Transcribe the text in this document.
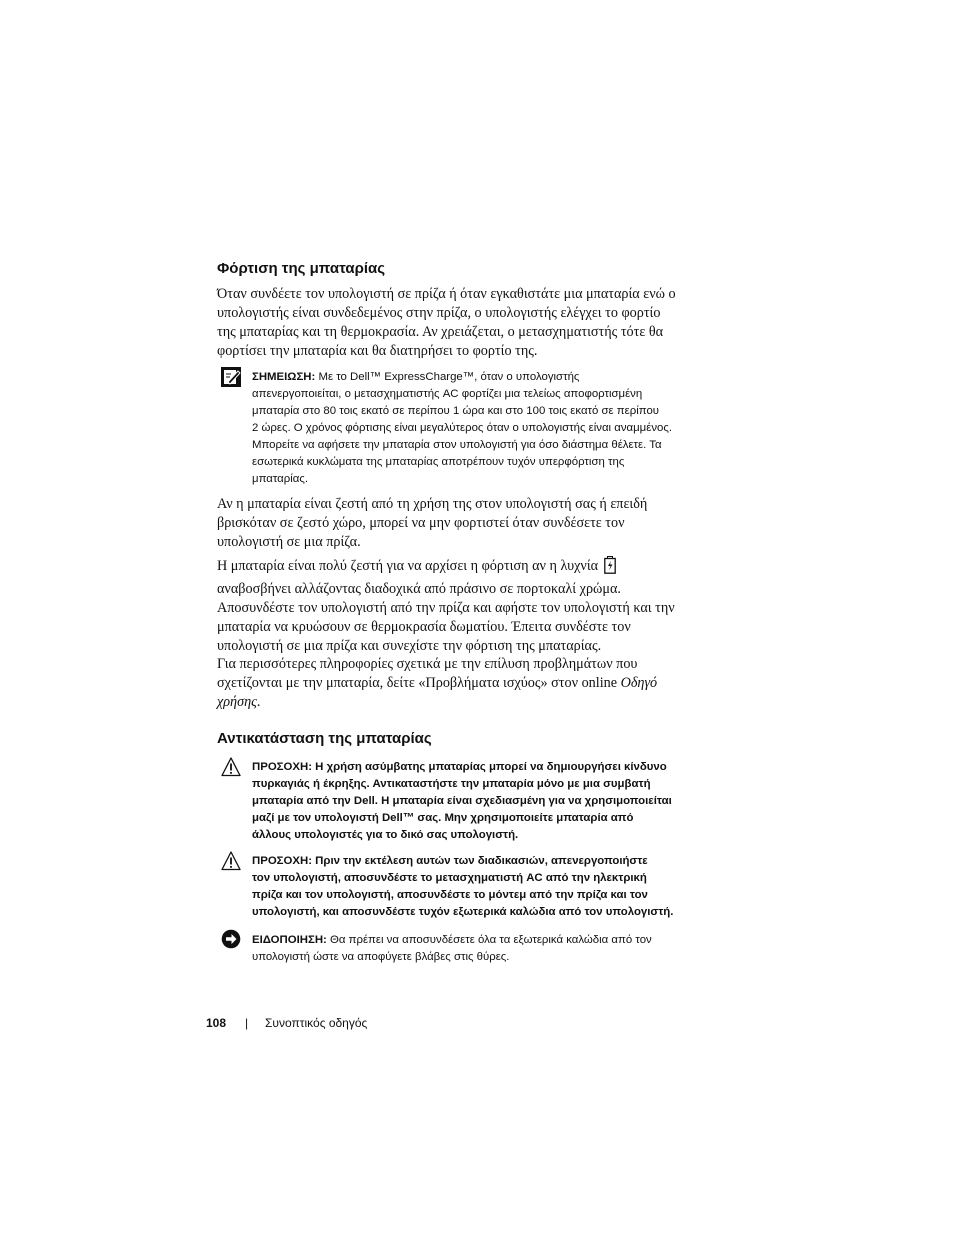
Φόρτιση της μπαταρίας
Όταν συνδέετε τον υπολογιστή σε πρίζα ή όταν εγκαθιστάτε μια μπαταρία ενώ ο
υπολογιστής είναι συνδεδεμένος στην πρίζα, ο υπολογιστής ελέγχει το φορτίο
της μπαταρίας και τη θερμοκρασία. Αν χρειάζεται, ο μετασχηματιστής τότε θα
φορτίσει την μπαταρία και θα διατηρήσει το φορτίο της.
ΣΗΜΕΙΩΣΗ: Με το Dell™ ExpressCharge™, όταν ο υπολογιστής
απενεργοποιείται, ο μετασχηματιστής AC φορτίζει μια τελείως αποφορτισμένη
μπαταρία στο 80 τοις εκατό σε περίπου 1 ώρα και στο 100 τοις εκατό σε περίπου
2 ώρες. Ο χρόνος φόρτισης είναι μεγαλύτερος όταν ο υπολογιστής είναι αναμμένος.
Μπορείτε να αφήσετε την μπαταρία στον υπολογιστή για όσο διάστημα θέλετε. Τα
εσωτερικά κυκλώματα της μπαταρίας αποτρέπουν τυχόν υπερφόρτιση της
μπαταρίας.
Αν η μπαταρία είναι ζεστή από τη χρήση της στον υπολογιστή σας ή επειδή
βρισκόταν σε ζεστό χώρο, μπορεί να μην φορτιστεί όταν συνδέσετε τον
υπολογιστή σε μια πρίζα.
Η μπαταρία είναι πολύ ζεστή για να αρχίσει η φόρτιση αν η λυχνία
αναβοσβήνει αλλάζοντας διαδοχικά από πράσινο σε πορτοκαλί χρώμα.
Αποσυνδέστε τον υπολογιστή από την πρίζα και αφήστε τον υπολογιστή και την
μπαταρία να κρυώσουν σε θερμοκρασία δωματίου. Έπειτα συνδέστε τον
υπολογιστή σε μια πρίζα και συνεχίστε την φόρτιση της μπαταρίας.
Για περισσότερες πληροφορίες σχετικά με την επίλυση προβλημάτων που
σχετίζονται με την μπαταρία, δείτε «Προβλήματα ισχύος» στον online Οδηγό
χρήσης.
Αντικατάσταση της μπαταρίας
ΠΡΟΣΟΧΗ: Η χρήση ασύμβατης μπαταρίας μπορεί να δημιουργήσει κίνδυνο
πυρκαγιάς ή έκρηξης. Αντικαταστήστε την μπαταρία μόνο με μια συμβατή
μπαταρία από την Dell. Η μπαταρία είναι σχεδιασμένη για να χρησιμοποιείται
μαζί με τον υπολογιστή Dell™ σας. Μην χρησιμοποιείτε μπαταρία από
άλλους υπολογιστές για το δικό σας υπολογιστή.
ΠΡΟΣΟΧΗ: Πριν την εκτέλεση αυτών των διαδικασιών, απενεργοποιήστε
τον υπολογιστή, αποσυνδέστε το μετασχηματιστή AC από την ηλεκτρική
πρίζα και τον υπολογιστή, αποσυνδέστε το μόντεμ από την πρίζα και τον
υπολογιστή, και αποσυνδέστε τυχόν εξωτερικά καλώδια από τον υπολογιστή.
ΕΙΔΟΠΟΙΗΣΗ: Θα πρέπει να αποσυνδέσετε όλα τα εξωτερικά καλώδια από τον
υπολογιστή ώστε να αποφύγετε βλάβες στις θύρες.
108 | Συνοπτικός οδηγός
